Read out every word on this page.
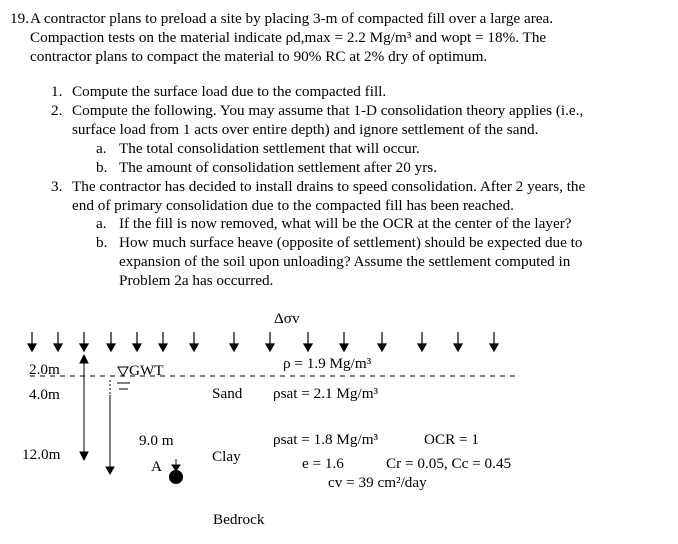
19. A contractor plans to preload a site by placing 3-m of compacted fill over a large area.
Compaction tests on the material indicate ρd,max = 2.2 Mg/m³ and wopt = 18%. The
contractor plans to compact the material to 90% RC at 2% dry of optimum.
1. Compute the surface load due to the compacted fill.
2. Compute the following. You may assume that 1-D consolidation theory applies (i.e.,
surface load from 1 acts over entire depth) and ignore settlement of the sand.
a. The total consolidation settlement that will occur.
b. The amount of consolidation settlement after 20 yrs.
3. The contractor has decided to install drains to speed consolidation. After 2 years, the
end of primary consolidation due to the compacted fill has been reached.
a. If the fill is now removed, what will be the OCR at the center of the layer?
b. How much surface heave (opposite of settlement) should be expected due to
expansion of the soil upon unloading? Assume the settlement computed in
Problem 2a has occurred.
Δσv
2.0m
4.0m
12.0m
9.0 m
A
GWT
Sand
Clay
Bedrock
ρ = 1.9 Mg/m³
ρsat = 2.1 Mg/m³
ρsat = 1.8 Mg/m³
e = 1.6
OCR = 1
Cr = 0.05, Cc = 0.45
cv = 39 cm²/day
